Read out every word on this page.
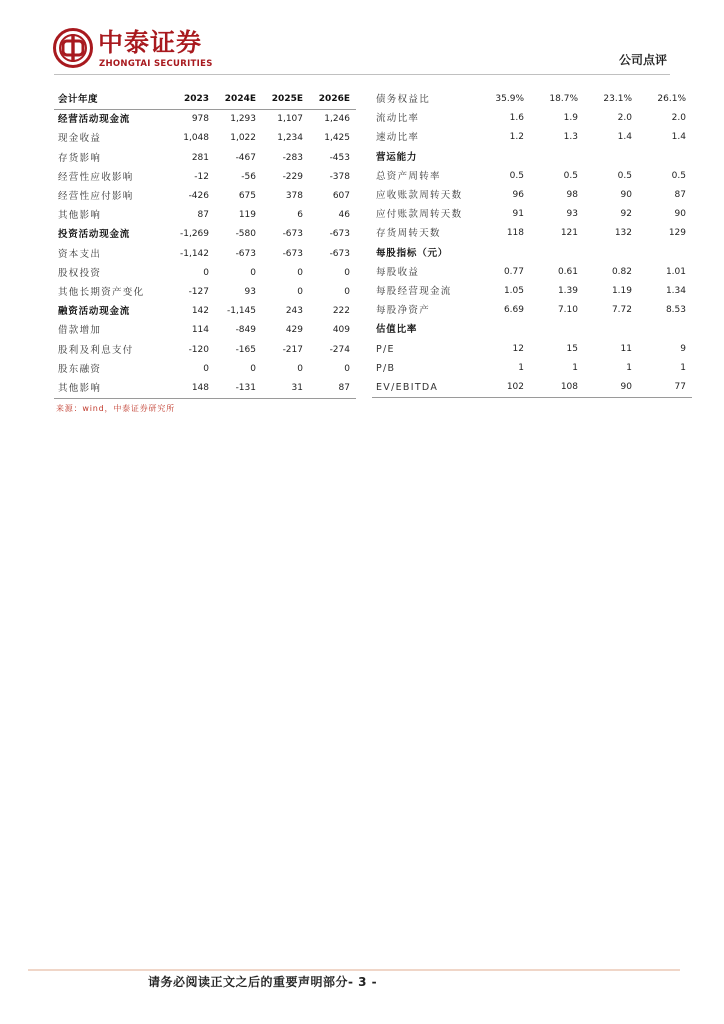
中泰证券
ZHONGTAI SECURITIES	公司点评
会计年度	2023	2024E	2025E	2026E
经营活动现金流	978	1,293	1,107	1,246
现金收益	1,048	1,022	1,234	1,425
存货影响	281	-467	-283	-453
经营性应收影响	-12	-56	-229	-378
经营性应付影响	-426	675	378	607
其他影响	87	119	6	46
投资活动现金流	-1,269	-580	-673	-673
资本支出	-1,142	-673	-673	-673
股权投资	0	0	0	0
其他长期资产变化	-127	93	0	0
融资活动现金流	142	-1,145	243	222
借款增加	114	-849	429	409
股利及利息支付	-120	-165	-217	-274
股东融资	0	0	0	0
其他影响	148	-131	31	87
债务权益比	35.9%	18.7%	23.1%	26.1%
流动比率	1.6	1.9	2.0	2.0
速动比率	1.2	1.3	1.4	1.4
营运能力				
总资产周转率	0.5	0.5	0.5	0.5
应收账款周转天数	96	98	90	87
应付账款周转天数	91	93	92	90
存货周转天数	118	121	132	129
每股指标（元）				
每股收益	0.77	0.61	0.82	1.01
每股经营现金流	1.05	1.39	1.19	1.34
每股净资产	6.69	7.10	7.72	8.53
估值比率				
P/E	12	15	11	9
P/B	1	1	1	1
EV/EBITDA	102	108	90	77
来源：wind，中泰证券研究所
请务必阅读正文之后的重要声明部分- 3 -
